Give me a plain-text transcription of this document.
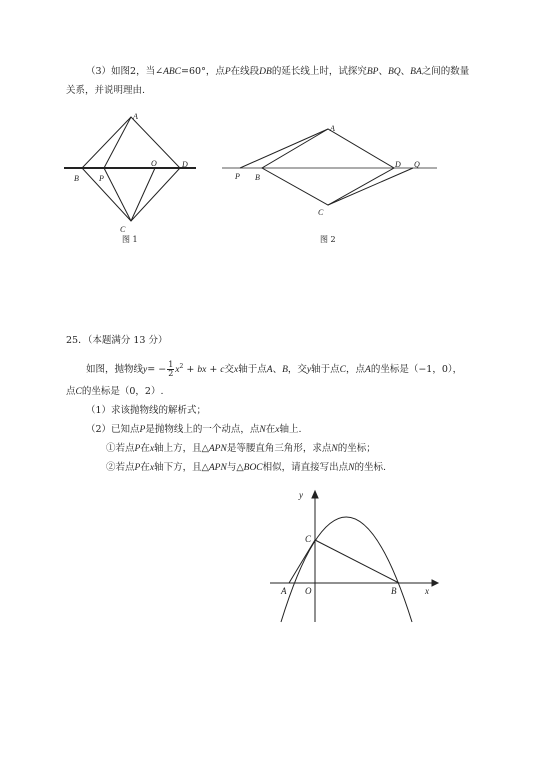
（3）如图2，当∠ABC=60°，点P在线段DB的延长线上时，试探究BP、BQ、BA之间的数量
关系，并说明理由.
A
B	P
O	D
C
图 1
A
P B
D Q
C
图 2
25．（本题满分 13 分）
如图，抛物线$y= - \frac{1}{2} x^2$ + bx + c交x轴于点A、B，交y轴于点C，点A的坐标是（−1，0），
点C的坐标是（0，2）.
（1）求该抛物线的解析式；
（2）已知点P是抛物线上的一个动点，点N在x轴上.
①若点P在x轴上方，且△APN是等腰直角三角形，求点N的坐标；
②若点P在x轴下方，且△APN与△BOC相似，请直接写出点N的坐标.
y
x
C
A O	B
